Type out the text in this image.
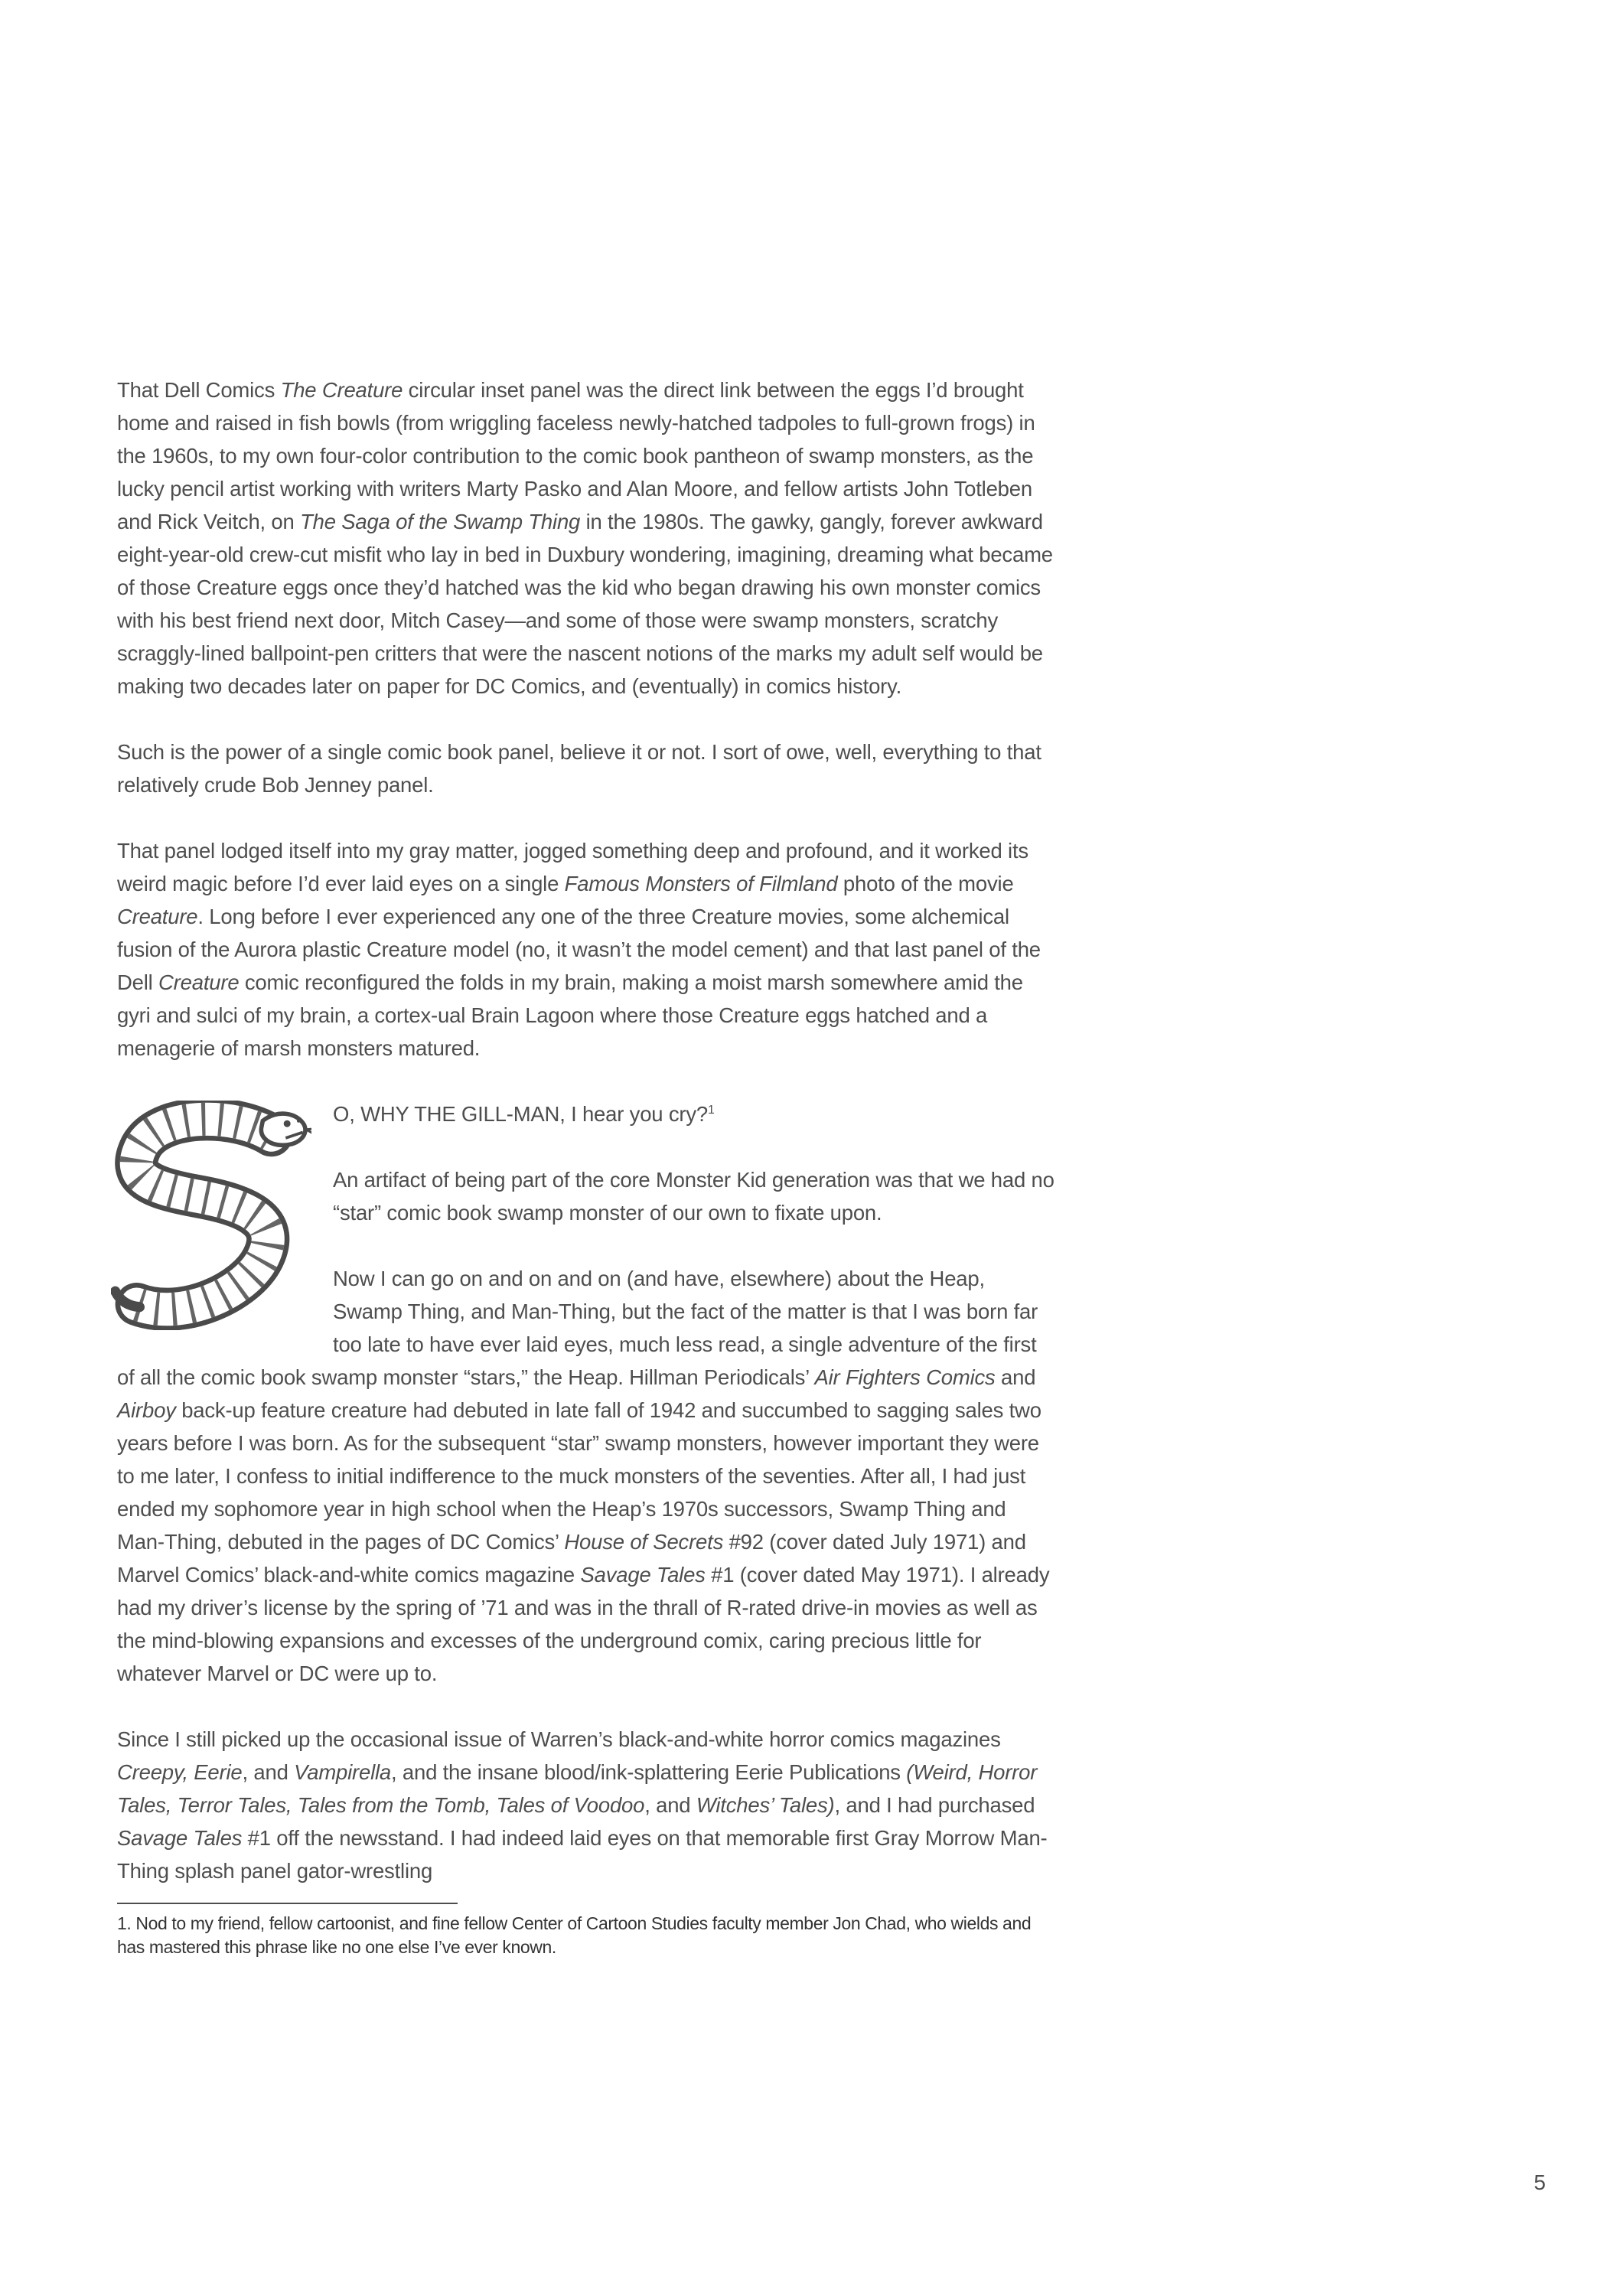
That Dell Comics The Creature circular inset panel was the direct link between the eggs I’d brought home and raised in fish bowls (from wriggling faceless newly-hatched tadpoles to full-grown frogs) in the 1960s, to my own four-color contribution to the comic book pantheon of swamp monsters, as the lucky pencil artist working with writers Marty Pasko and Alan Moore, and fellow artists John Totleben and Rick Veitch, on The Saga of the Swamp Thing in the 1980s. The gawky, gangly, forever awkward eight-year-old crew-cut misfit who lay in bed in Duxbury wondering, imagining, dreaming what became of those Creature eggs once they’d hatched was the kid who began drawing his own monster comics with his best friend next door, Mitch Casey—and some of those were swamp monsters, scratchy scraggly-lined ballpoint-pen critters that were the nascent notions of the marks my adult self would be making two decades later on paper for DC Comics, and (eventually) in comics history.

Such is the power of a single comic book panel, believe it or not. I sort of owe, well, everything to that relatively crude Bob Jenney panel.

That panel lodged itself into my gray matter, jogged something deep and profound, and it worked its weird magic before I’d ever laid eyes on a single Famous Monsters of Filmland photo of the movie Creature. Long before I ever experienced any one of the three Creature movies, some alchemical fusion of the Aurora plastic Creature model (no, it wasn’t the model cement) and that last panel of the Dell Creature comic reconfigured the folds in my brain, making a moist marsh somewhere amid the gyri and sulci of my brain, a cortex-ual Brain Lagoon where those Creature eggs hatched and a menagerie of marsh monsters matured.

O, WHY THE GILL-MAN, I hear you cry?$^1$

An artifact of being part of the core Monster Kid generation was that we had no “star” comic book swamp monster of our own to fixate upon.

Now I can go on and on and on (and have, elsewhere) about the Heap, Swamp Thing, and Man-Thing, but the fact of the matter is that I was born far too late to have ever laid eyes, much less read, a single adventure of the first of all the comic book swamp monster “stars,” the Heap. Hillman Periodicals’ Air Fighters Comics and Airboy back-up feature creature had debuted in late fall of 1942 and succumbed to sagging sales two years before I was born. As for the subsequent “star” swamp monsters, however important they were to me later, I confess to initial indifference to the muck monsters of the seventies. After all, I had just ended my sophomore year in high school when the Heap’s 1970s successors, Swamp Thing and Man-Thing, debuted in the pages of DC Comics’ House of Secrets #92 (cover dated July 1971) and Marvel Comics’ black-and-white comics magazine Savage Tales #1 (cover dated May 1971). I already had my driver’s license by the spring of ’71 and was in the thrall of R-rated drive-in movies as well as the mind-blowing expansions and excesses of the underground comix, caring precious little for whatever Marvel or DC were up to.

Since I still picked up the occasional issue of Warren’s black-and-white horror comics magazines Creepy, Eerie, and Vampirella, and the insane blood/ink-splattering Eerie Publications (Weird, Horror Tales, Terror Tales, Tales from the Tomb, Tales of Voodoo, and Witches’ Tales), and I had purchased Savage Tales #1 off the newsstand. I had indeed laid eyes on that memorable first Gray Morrow Man-Thing splash panel gator-wrestling

1. Nod to my friend, fellow cartoonist, and fine fellow Center of Cartoon Studies faculty member Jon Chad, who wields and has mastered this phrase like no one else I’ve ever known.

5
